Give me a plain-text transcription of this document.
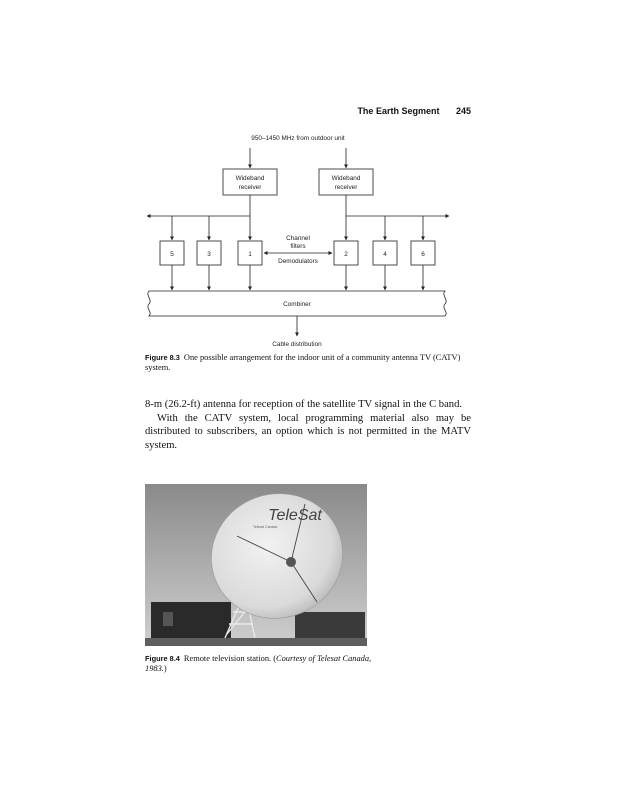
The Earth Segment 245
950–1450 MHz from outdoor unit
Wideband
receiver
Wideband
receiver
Channel
filters
Demodulators
5	3	1	2	4	6
Combiner
Cable distribution
Figure 8.3 One possible arrangement for the indoor unit of a community antenna TV (CATV) system.

8-m (26.2-ft) antenna for reception of the satellite TV signal in the C band.

With the CATV system, local programming material also may be distributed to subscribers, an option which is not permitted in the MATV system.

TeleSat
Telesat Canada
Figure 8.4 Remote television station. (Courtesy of Telesat Canada, 1983.)
